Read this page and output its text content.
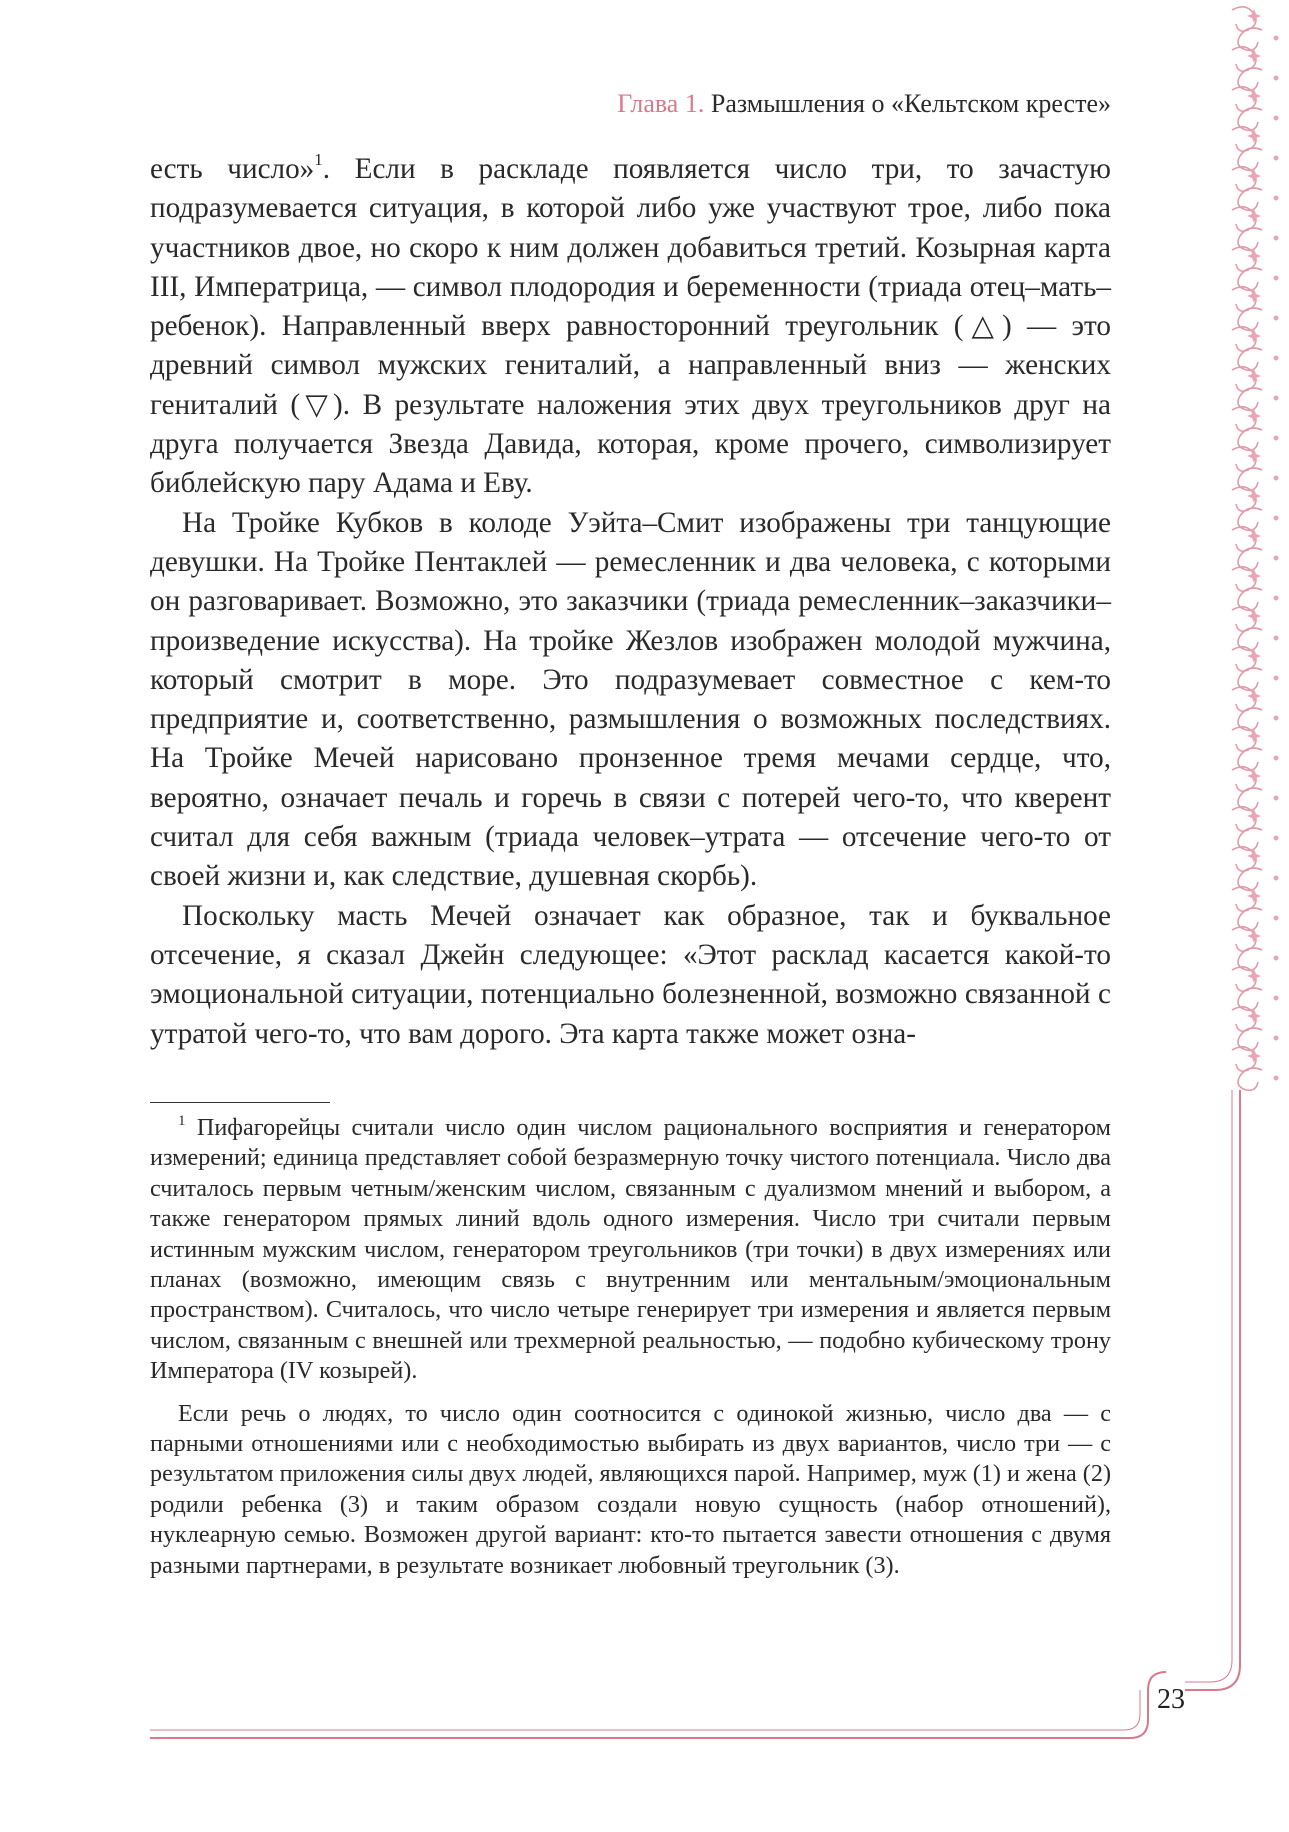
Глава 1. Размышления о «Кельтском кресте»

есть число»$^1$. Если в раскладе появляется число три, то зачастую подразумевается ситуация, в которой либо уже участвуют трое, либо пока участников двое, но скоро к ним должен добавиться третий. Козырная карта III, Императрица, — символ плодородия и беременности (триада отец–мать–ребенок). Направленный вверх равносторонний треугольник (△) — это древний символ мужских гениталий, а направленный вниз — женских гениталий (▽). В результате наложения этих двух треугольников друг на друга получается Звезда Давида, которая, кроме прочего, символизирует библейскую пару Адама и Еву.

На Тройке Кубков в колоде Уэйта–Смит изображены три танцующие девушки. На Тройке Пентаклей — ремесленник и два человека, с которыми он разговаривает. Возможно, это заказчики (триада ремесленник–заказчики–произведение искусства). На тройке Жезлов изображен молодой мужчина, который смотрит в море. Это подразумевает совместное с кем-то предприятие и, соответственно, размышления о возможных последствиях. На Тройке Мечей нарисовано пронзенное тремя мечами сердце, что, вероятно, означает печаль и горечь в связи с потерей чего-то, что кверент считал для себя важным (триада человек–утрата — отсечение чего-то от своей жизни и, как следствие, душевная скорбь).

Поскольку масть Мечей означает как образное, так и буквальное отсечение, я сказал Джейн следующее: «Этот расклад касается какой-то эмоциональной ситуации, потенциально болезненной, возможно связанной с утратой чего-то, что вам дорого. Эта карта также может озна-

$^1$ Пифагорейцы считали число один числом рационального восприятия и генератором измерений; единица представляет собой безразмерную точку чистого потенциала. Число два считалось первым четным/женским числом, связанным с дуализмом мнений и выбором, а также генератором прямых линий вдоль одного измерения. Число три считали первым истинным мужским числом, генератором треугольников (три точки) в двух измерениях или планах (возможно, имеющим связь с внутренним или ментальным/эмоциональным пространством). Считалось, что число четыре генерирует три измерения и является первым числом, связанным с внешней или трехмерной реальностью, — подобно кубическому трону Императора (IV козырей).

Если речь о людях, то число один соотносится с одинокой жизнью, число два — с парными отношениями или с необходимостью выбирать из двух вариантов, число три — с результатом приложения силы двух людей, являющихся парой. Например, муж (1) и жена (2) родили ребенка (3) и таким образом создали новую сущность (набор отношений), нуклеарную семью. Возможен другой вариант: кто-то пытается завести отношения с двумя разными партнерами, в результате возникает любовный треугольник (3).

23
